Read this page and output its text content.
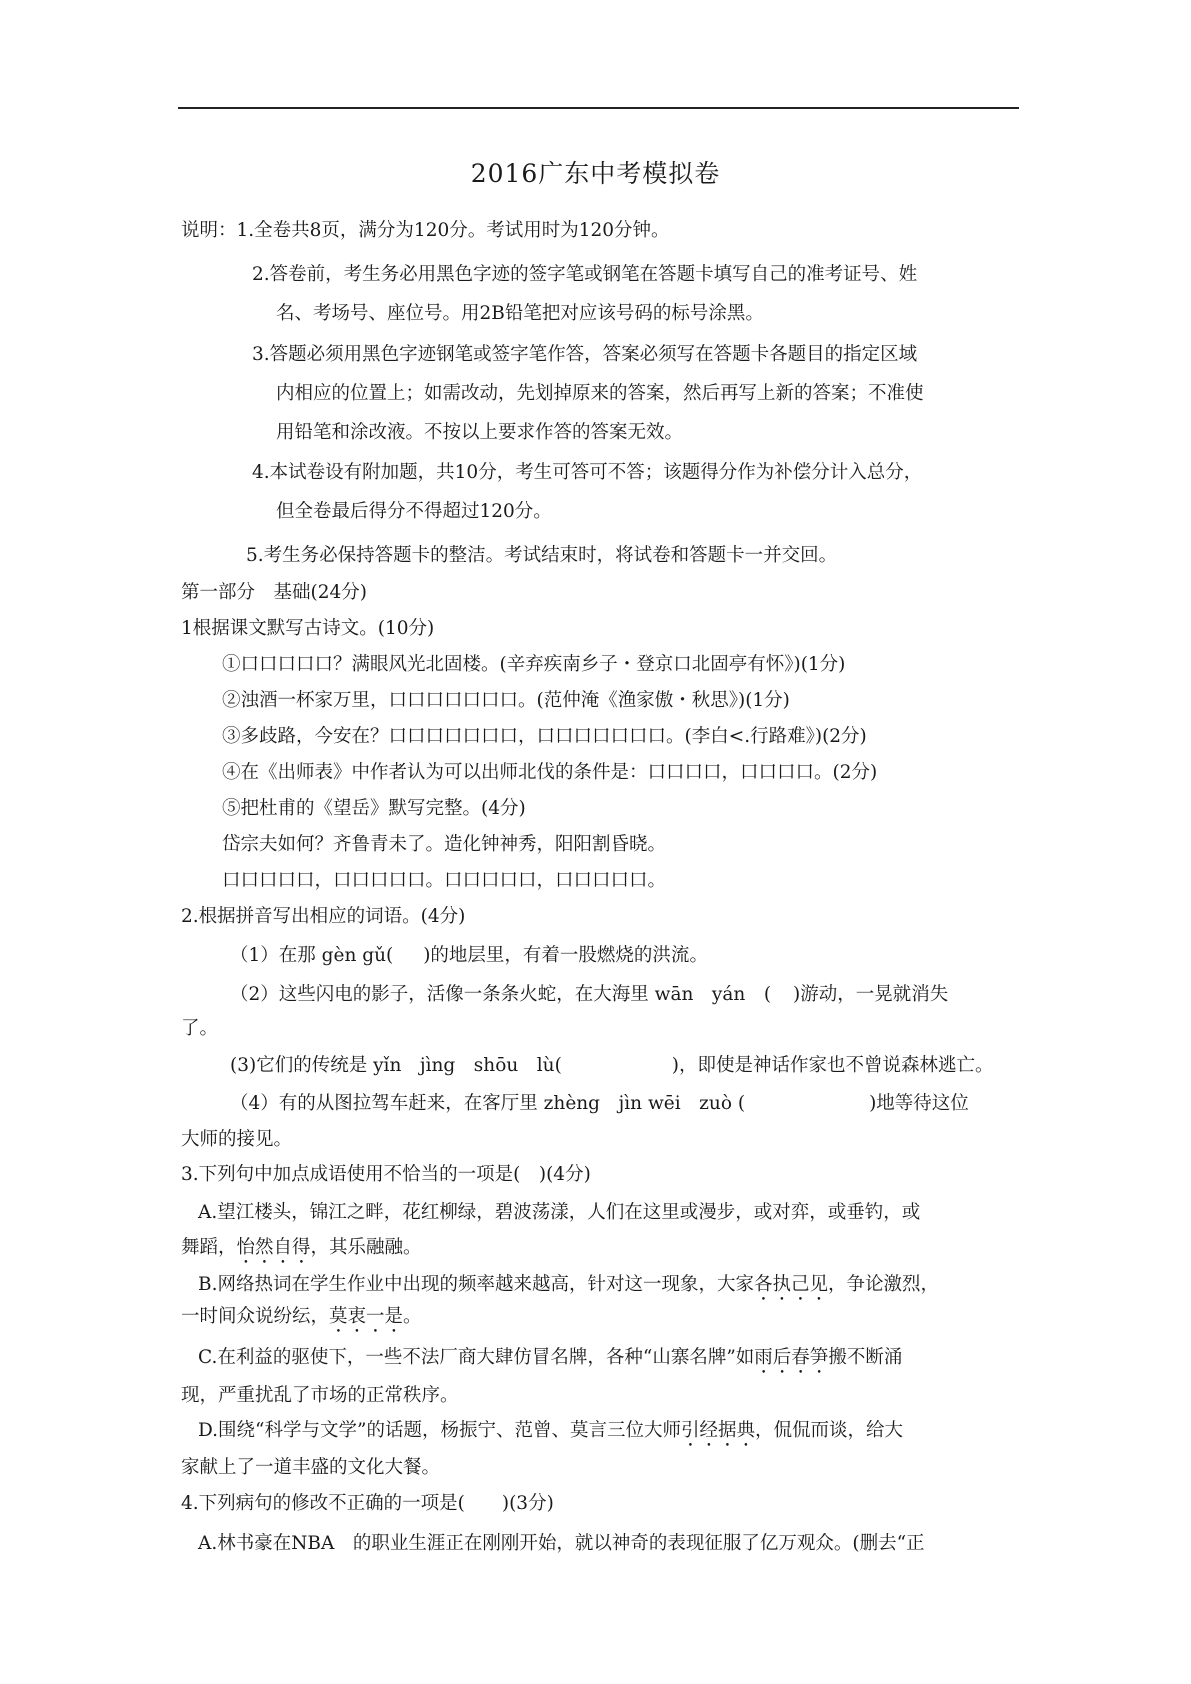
2016广东中考模拟卷
说明：1.全卷共8页，满分为120分。考试用时为120分钟。
2.答卷前，考生务必用黑色字迹的签字笔或钢笔在答题卡填写自己的准考证号、姓
名、考场号、座位号。用2B铅笔把对应该号码的标号涂黑。
3.答题必须用黑色字迹钢笔或签字笔作答，答案必须写在答题卡各题目的指定区域
内相应的位置上；如需改动，先划掉原来的答案，然后再写上新的答案；不准使
用铅笔和涂改液。不按以上要求作答的答案无效。
4.本试卷设有附加题，共10分，考生可答可不答；该题得分作为补偿分计入总分，
但全卷最后得分不得超过120分。
5.考生务必保持答题卡的整洁。考试结束时，将试卷和答题卡一并交回。
第一部分　基础(24分)
1根据课文默写古诗文。(10分)
①口口口口口？满眼风光北固楼。(辛弃疾南乡子・登京口北固亭有怀》)(1分)
②浊酒一杯家万里，口口口口口口口。(范仲淹《渔家傲・秋思》)(1分)
③多歧路，今安在？口口口口口口口，口口口口口口口。(李白<.行路难》)(2分)
④在《出师表》中作者认为可以出师北伐的条件是：口口口口，口口口口。(2分)
⑤把杜甫的《望岳》默写完整。(4分)
岱宗夫如何？齐鲁青未了。造化钟神秀，阳阳割昏晓。
口口口口口，口口口口口。口口口口口，口口口口口。
2.根据拼音写出相应的词语。(4分)
（1）在那 gèn gǔ( )的地层里，有着一股燃烧的洪流。
（2）这些闪电的影子，活像一条条火蛇，在大海里 wān　yán　( )游动，一晃就消失
了。
(3)它们的传统是 yǐn　jìng　shōu　lù(	)，即使是神话作家也不曾说森林逃亡。
（4）有的从图拉驾车赶来，在客厅里 zhèng　jìn wēi　zuò (	)地等待这位
大师的接见。
3.下列句中加点成语使用不恰当的一项是(　)(4分)
A.望江楼头，锦江之畔，花红柳绿，碧波荡漾，人们在这里或漫步，或对弈，或垂钓，或
舞蹈，怡然自得，其乐融融。
B.网络热词在学生作业中出现的频率越来越高，针对这一现象，大家各执己见，争论激烈，
一时间众说纷纭，莫衷一是。
C.在利益的驱使下，一些不法厂商大肆仿冒名牌，各种“山寨名牌”如雨后春笋搬不断涌
现，严重扰乱了市场的正常秩序。
D.围绕“科学与文学”的话题，杨振宁、范曾、莫言三位大师引经据典，侃侃而谈，给大
家献上了一道丰盛的文化大餐。
4.下列病句的修改不正确的一项是(　　)(3分)
A.林书豪在NBA　的职业生涯正在刚刚开始，就以神奇的表现征服了亿万观众。(删去“正
